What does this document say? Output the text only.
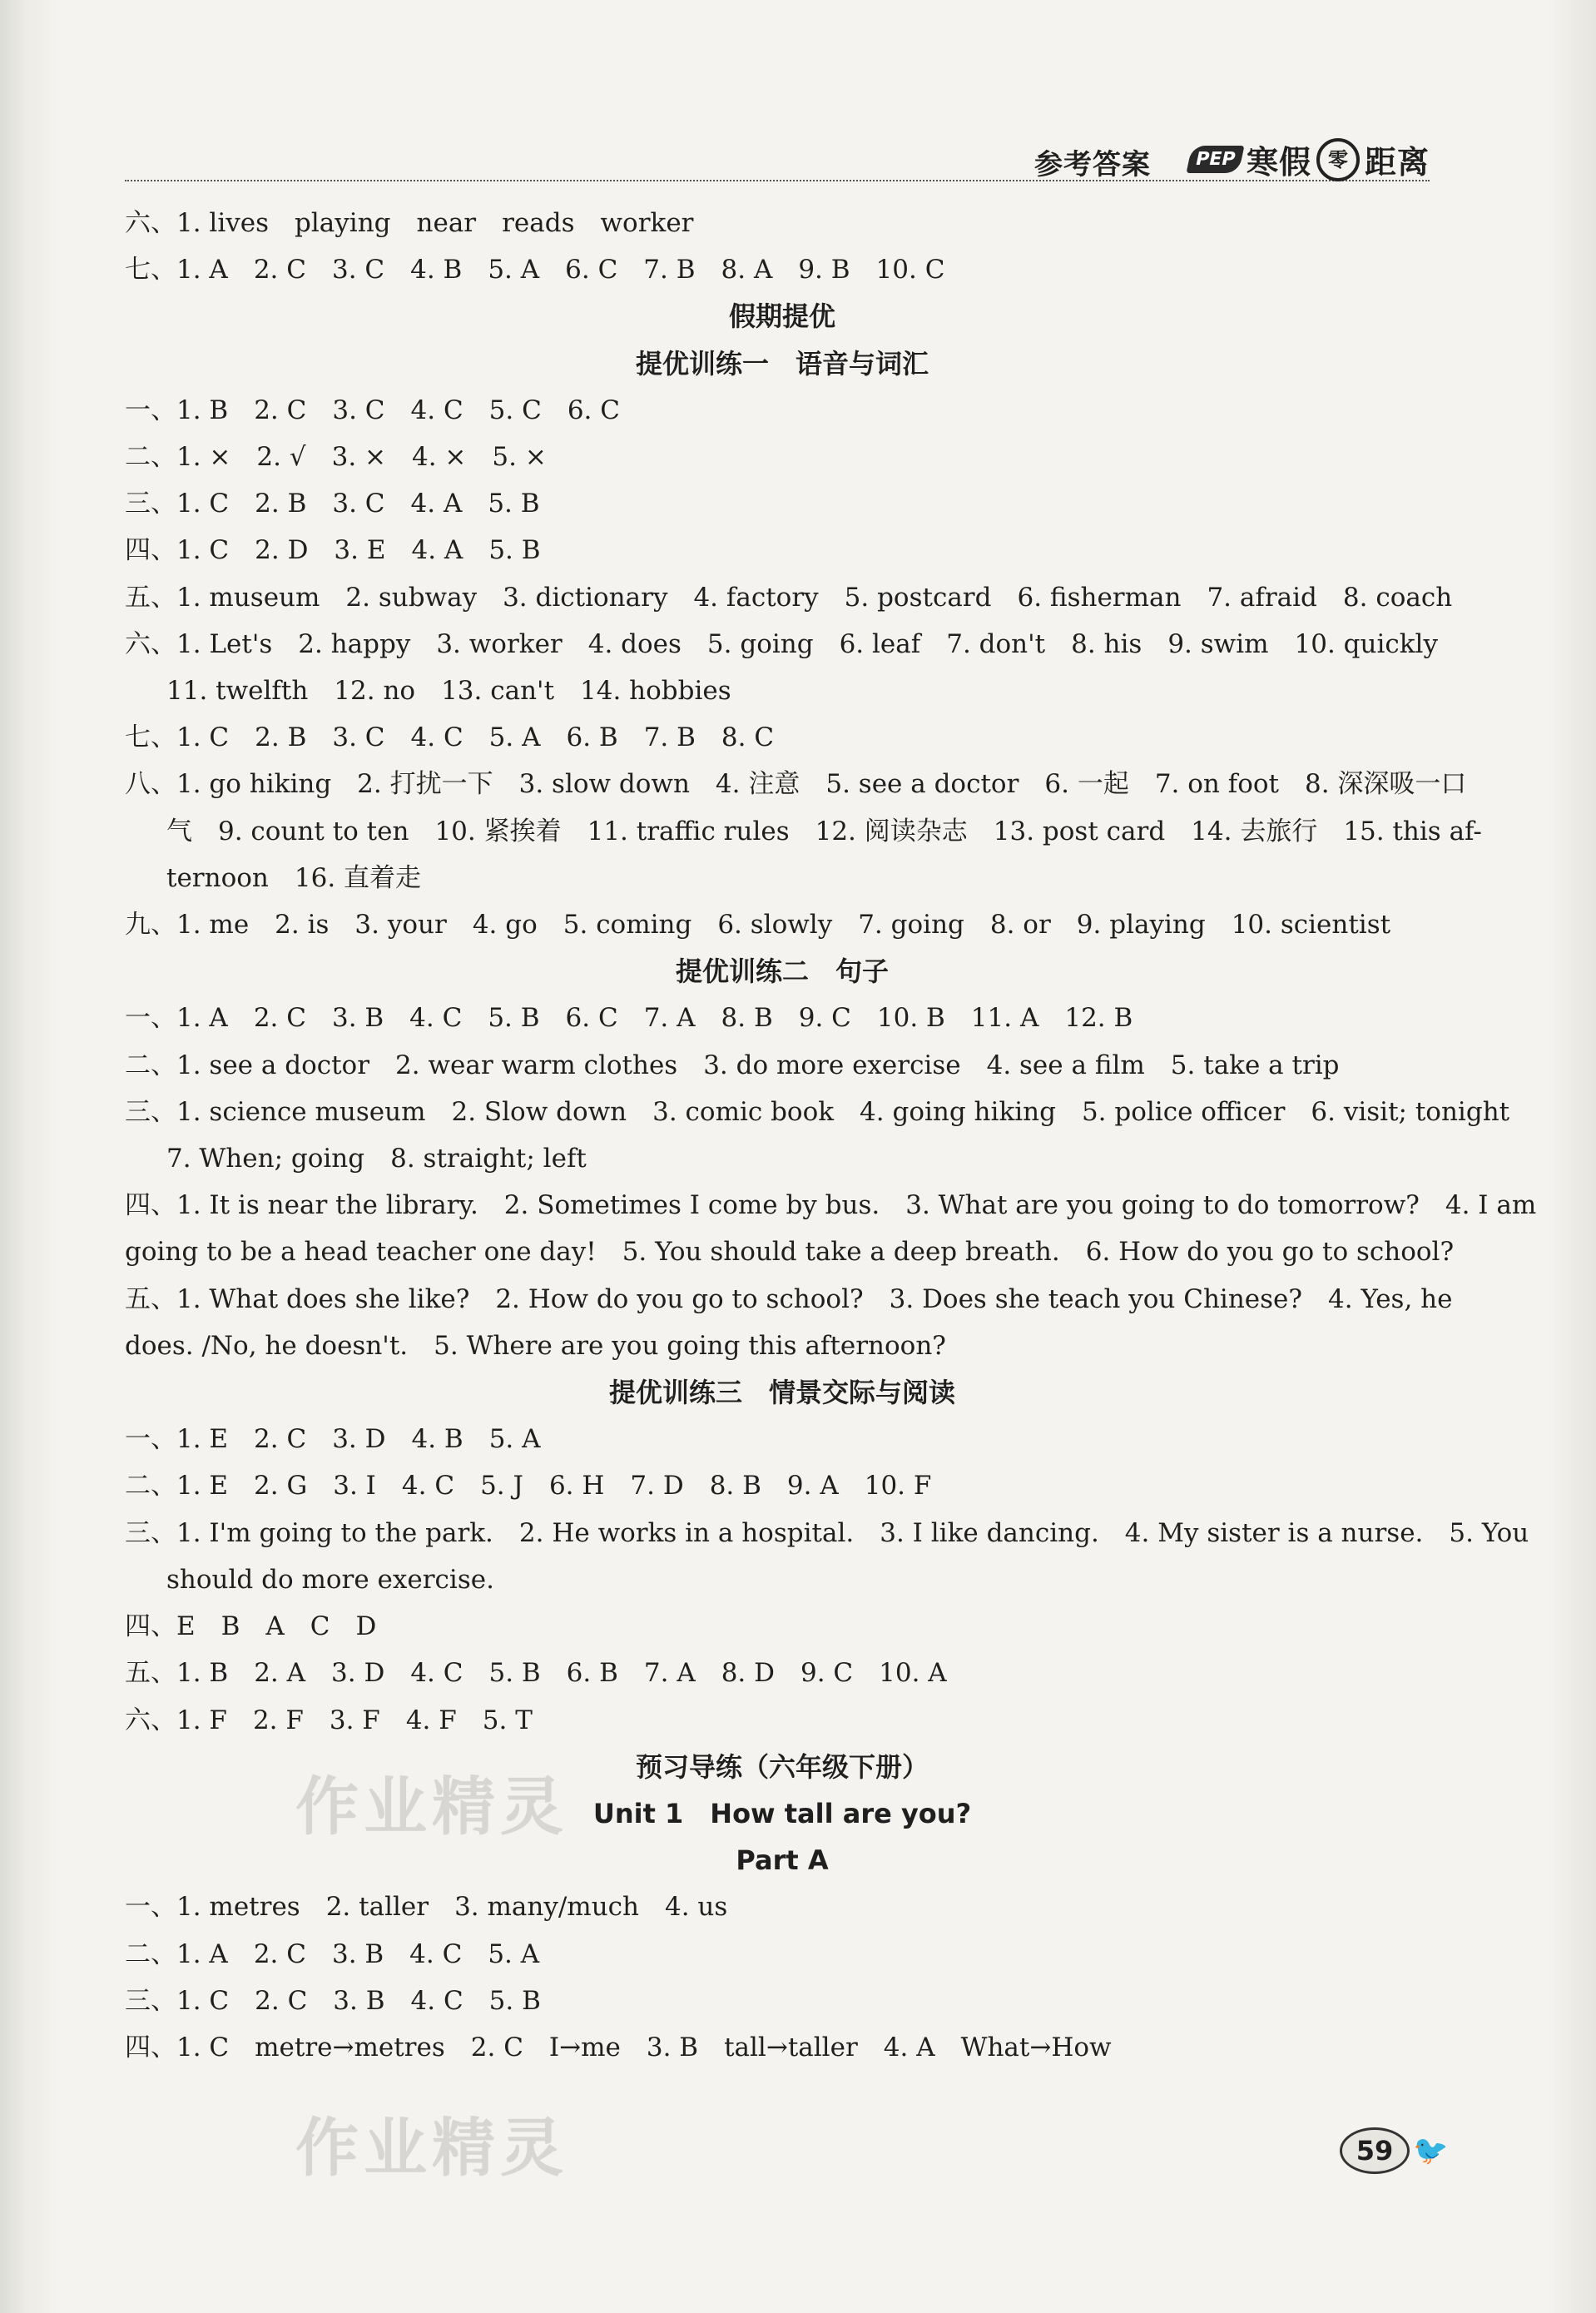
参考答案	PEP 寒假 零 距离
六、1. lives　playing　near　reads　worker
七、1. A　2. C　3. C　4. B　5. A　6. C　7. B　8. A　9. B　10. C
假期提优
提优训练一　语音与词汇
一、1. B　2. C　3. C　4. C　5. C　6. C
二、1. ×　2. √　3. ×　4. ×　5. ×
三、1. C　2. B　3. C　4. A　5. B
四、1. C　2. D　3. E　4. A　5. B
五、1. museum　2. subway　3. dictionary　4. factory　5. postcard　6. fisherman　7. afraid　8. coach
六、1. Let's　2. happy　3. worker　4. does　5. going　6. leaf　7. don't　8. his　9. swim　10. quickly
11. twelfth　12. no　13. can't　14. hobbies
七、1. C　2. B　3. C　4. C　5. A　6. B　7. B　8. C
八、1. go hiking　2. 打扰一下　3. slow down　4. 注意　5. see a doctor　6. 一起　7. on foot　8. 深深吸一口
气　9. count to ten　10. 紧挨着　11. traffic rules　12. 阅读杂志　13. post card　14. 去旅行　15. this af-
ternoon　16. 直着走
九、1. me　2. is　3. your　4. go　5. coming　6. slowly　7. going　8. or　9. playing　10. scientist
提优训练二　句子
一、1. A　2. C　3. B　4. C　5. B　6. C　7. A　8. B　9. C　10. B　11. A　12. B
二、1. see a doctor　2. wear warm clothes　3. do more exercise　4. see a film　5. take a trip
三、1. science museum　2. Slow down　3. comic book　4. going hiking　5. police officer　6. visit; tonight
7. When; going　8. straight; left
四、1. It is near the library.　2. Sometimes I come by bus.　3. What are you going to do tomorrow?　4. I am
going to be a head teacher one day!　5. You should take a deep breath.　6. How do you go to school?
五、1. What does she like?　2. How do you go to school?　3. Does she teach you Chinese?　4. Yes, he
does. /No, he doesn't.　5. Where are you going this afternoon?
提优训练三　情景交际与阅读
一、1. E　2. C　3. D　4. B　5. A
二、1. E　2. G　3. I　4. C　5. J　6. H　7. D　8. B　9. A　10. F
三、1. I'm going to the park.　2. He works in a hospital.　3. I like dancing.　4. My sister is a nurse.　5. You
should do more exercise.
四、E　B　A　C　D
五、1. B　2. A　3. D　4. C　5. B　6. B　7. A　8. D　9. C　10. A
六、1. F　2. F　3. F　4. F　5. T
预习导练（六年级下册）
Unit 1　How tall are you?
Part A
一、1. metres　2. taller　3. many/much　4. us
二、1. A　2. C　3. B　4. C　5. A
三、1. C　2. C　3. B　4. C　5. B
四、1. C　metre→metres　2. C　I→me　3. B　tall→taller　4. A　What→How
作业精灵
作业精灵	59 🐦
